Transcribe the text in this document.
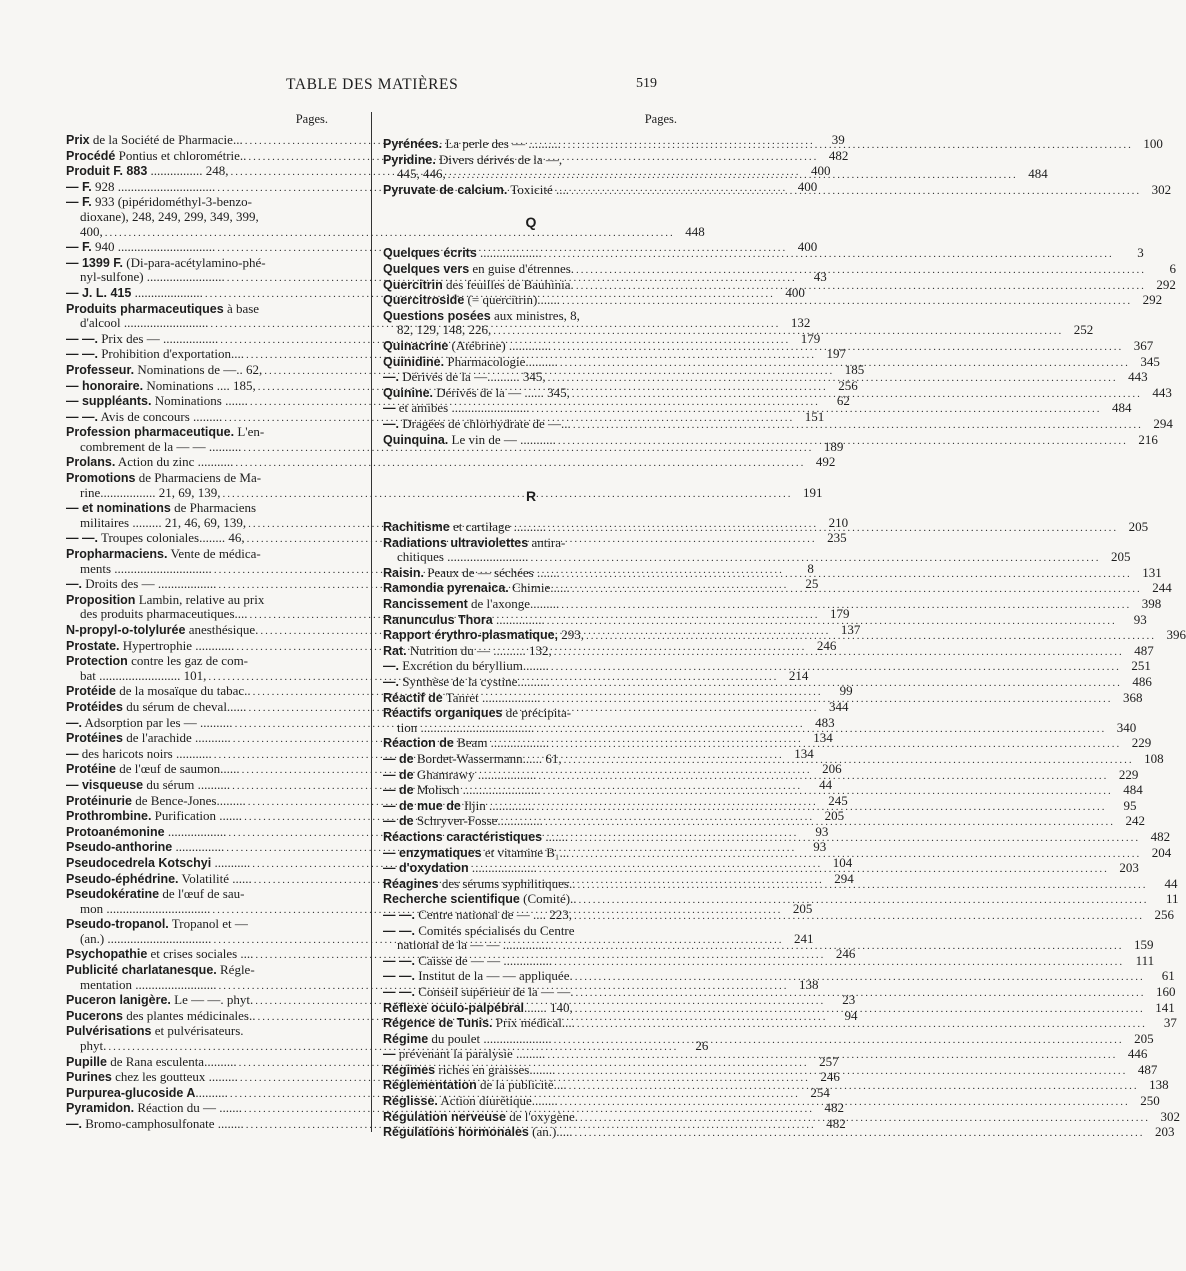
TABLE DES MATIÈRES	519
Pages.
Prix de la Société de Pharmacie... .....	39
Procédé Pontius et chlorométrie.. .....	482
Produit F. 883 ................ 248, .....	400
— F. 928 .............................. .....	400
— F. 933 (pipéridométhyl-3-benzo-
dioxane), 248, 249, 299, 349, 399,
400, .....	448
— F. 940 .............................. .....	400
— 1399 F. (Di-para-acétylamino-phé-
nyl-sulfone) ........................ .....	43
— J. L. 415 ..................... .....	400
Produits pharmaceutiques à base
d'alcool .......................... .....	132
— —. Prix des — ................. .....	179
— —. Prohibition d'exportation.... .....	197
Professeur. Nominations de —.. 62, .....	185
— honoraire. Nominations .... 185, .....	256
— suppléants. Nominations ....... .....	62
— —. Avis de concours ......... .....	151
Profession pharmaceutique. L'en-
combrement de la — — .......... .....	189
Prolans. Action du zinc ........... .....	492
Promotions de Pharmaciens de Ma-
rine................. 21, 69, 139, .....	191
— et nominations de Pharmaciens
militaires ......... 21, 46, 69, 139, .....	210
— —. Troupes coloniales........ 46, .....	235
Propharmaciens. Vente de médica-
ments .............................. .....	8
—. Droits des — .................. .....	25
Proposition Lambin, relative au prix
des produits pharmaceutiques.... .....	179
N-propyl-o-tolylurée anesthésique. .....	137
Prostate. Hypertrophie ............ .....	246
Protection contre les gaz de com-
bat ......................... 101, .....	214
Protéide de la mosaïque du tabac.. .....	99
Protéides du sérum de cheval...... .....	344
—. Adsorption par les — .......... .....	483
Protéines de l'arachide ........... .....	134
— des haricots noirs ........... .....	134
Protéine de l'œuf de saumon...... .....	206
— visqueuse du sérum .......... .....	44
Protéinurie de Bence-Jones......... .....	245
Prothrombine. Purification ....... .....	205
Protoanémonine .................. .....	93
Pseudo-anthorine ............... .....	93
Pseudocedrela Kotschyi ........... .....	104
Pseudo-éphédrine. Volatilité ...... .....	294
Pseudokératine de l'œuf de sau-
mon ................................ .....	205
Pseudo-tropanol. Tropanol et —
(an.) ................................ .....	241
Psychopathie et crises sociales .... .....	246
Publicité charlatanesque. Régle-
mentation ......................... .....	138
Puceron lanigère. Le — —. phyt. .....	23
Pucerons des plantes médicinales.. .....	94
Pulvérisations et pulvérisateurs.
phyt. .....	26
Pupille de Rana esculenta.......... .....	257
Purines chez les goutteux ......... .....	246
Purpurea-glucoside A.......... .....	254
Pyramidon. Réaction du — ....... .....	482
—. Bromo-camphosulfonate ........ .....	482
Pages.
Pyrénées. La perle des — .......... .....	100
Pyridine. Divers dérivés de la —,
445, 446, .....	484
Pyruvate de calcium. Toxicité .... .....	302
Q
Quelques écrits ................... .....	3
Quelques vers en guise d'étrennes. .....	6
Quercitrin des feuilles de Bauhinia. .....	292
Quercitroside (= quercitrin)....... .....	292
Questions posées aux ministres, 8,
82, 129, 148, 226, .....	252
Quinacrine (Atébrine) ............. .....	367
Quinidine. Pharmacologie.......... .....	345
—. Dérivés de la —.......... 345, .....	443
Quinine. Dérivés de la — ...... 345, .....	443
— et amibes ........................ .....	484
—. Dragées de chlorhydrate de —... .....	294
Quinquina. Le vin de — ........... .....	216
R
Rachitisme et cartilage .......... .....	205
Radiations ultraviolettes antira-
chitiques ......................... .....	205
Raisin. Peaux de — séchées ....... .....	131
Ramondia pyrenaica. Chimie...... .....	244
Rancissement de l'axonge......... .....	398
Ranunculus Thora ............... .....	93
Rapport érythro-plasmatique, 293, .....	396
Rat. Nutrition du — .......... 132, .....	487
—. Excrétion du béryllium........ .....	251
—. Synthèse de la cystine.......... .....	486
Réactif de Tanret .................. .....	368
Réactifs organiques de précipita-
tion ................................... .....	340
Réaction de Beam .................. .....	229
— de Bordet-Wassermann...... 61, .....	108
— de Ghamrawy .................. .....	229
— de Molisch ........................ .....	484
— de mue de Iljin .............. .....	95
— de Schryver-Fosse.............. .....	242
Réactions caractéristiques ....... .....	482
— enzymatiques et vitamine B₁... .....	204
— d'oxydation .................... .....	203
Réagines des sérums syphilitiques.. .....	44
Recherche scientifique (Comité).. .....	11
— —. Centre national de — .... 223, .....	256
— —. Comités spécialisés du Centre
national de la — — ............... .....	159
— —. Caisse de — — ............... .....	111
— —. Institut de la — — appliquée. .....	61
— —. Conseil supérieur de la — —. .....	160
Réflexe oculo-palpébral....... 140, .....	141
Régence de Tunis. Prix médical.... .....	37
Régime du poulet ..................... .....	205
— prévenant la paralysie ......... .....	446
Régimes riches en graisses........ .....	487
Réglementation de la publicité.... .....	138
Réglisse. Action diurétique........ .....	250
Régulation nerveuse de l'oxygène. .....	302
Régulations hormonales (an.)..... .....	203
